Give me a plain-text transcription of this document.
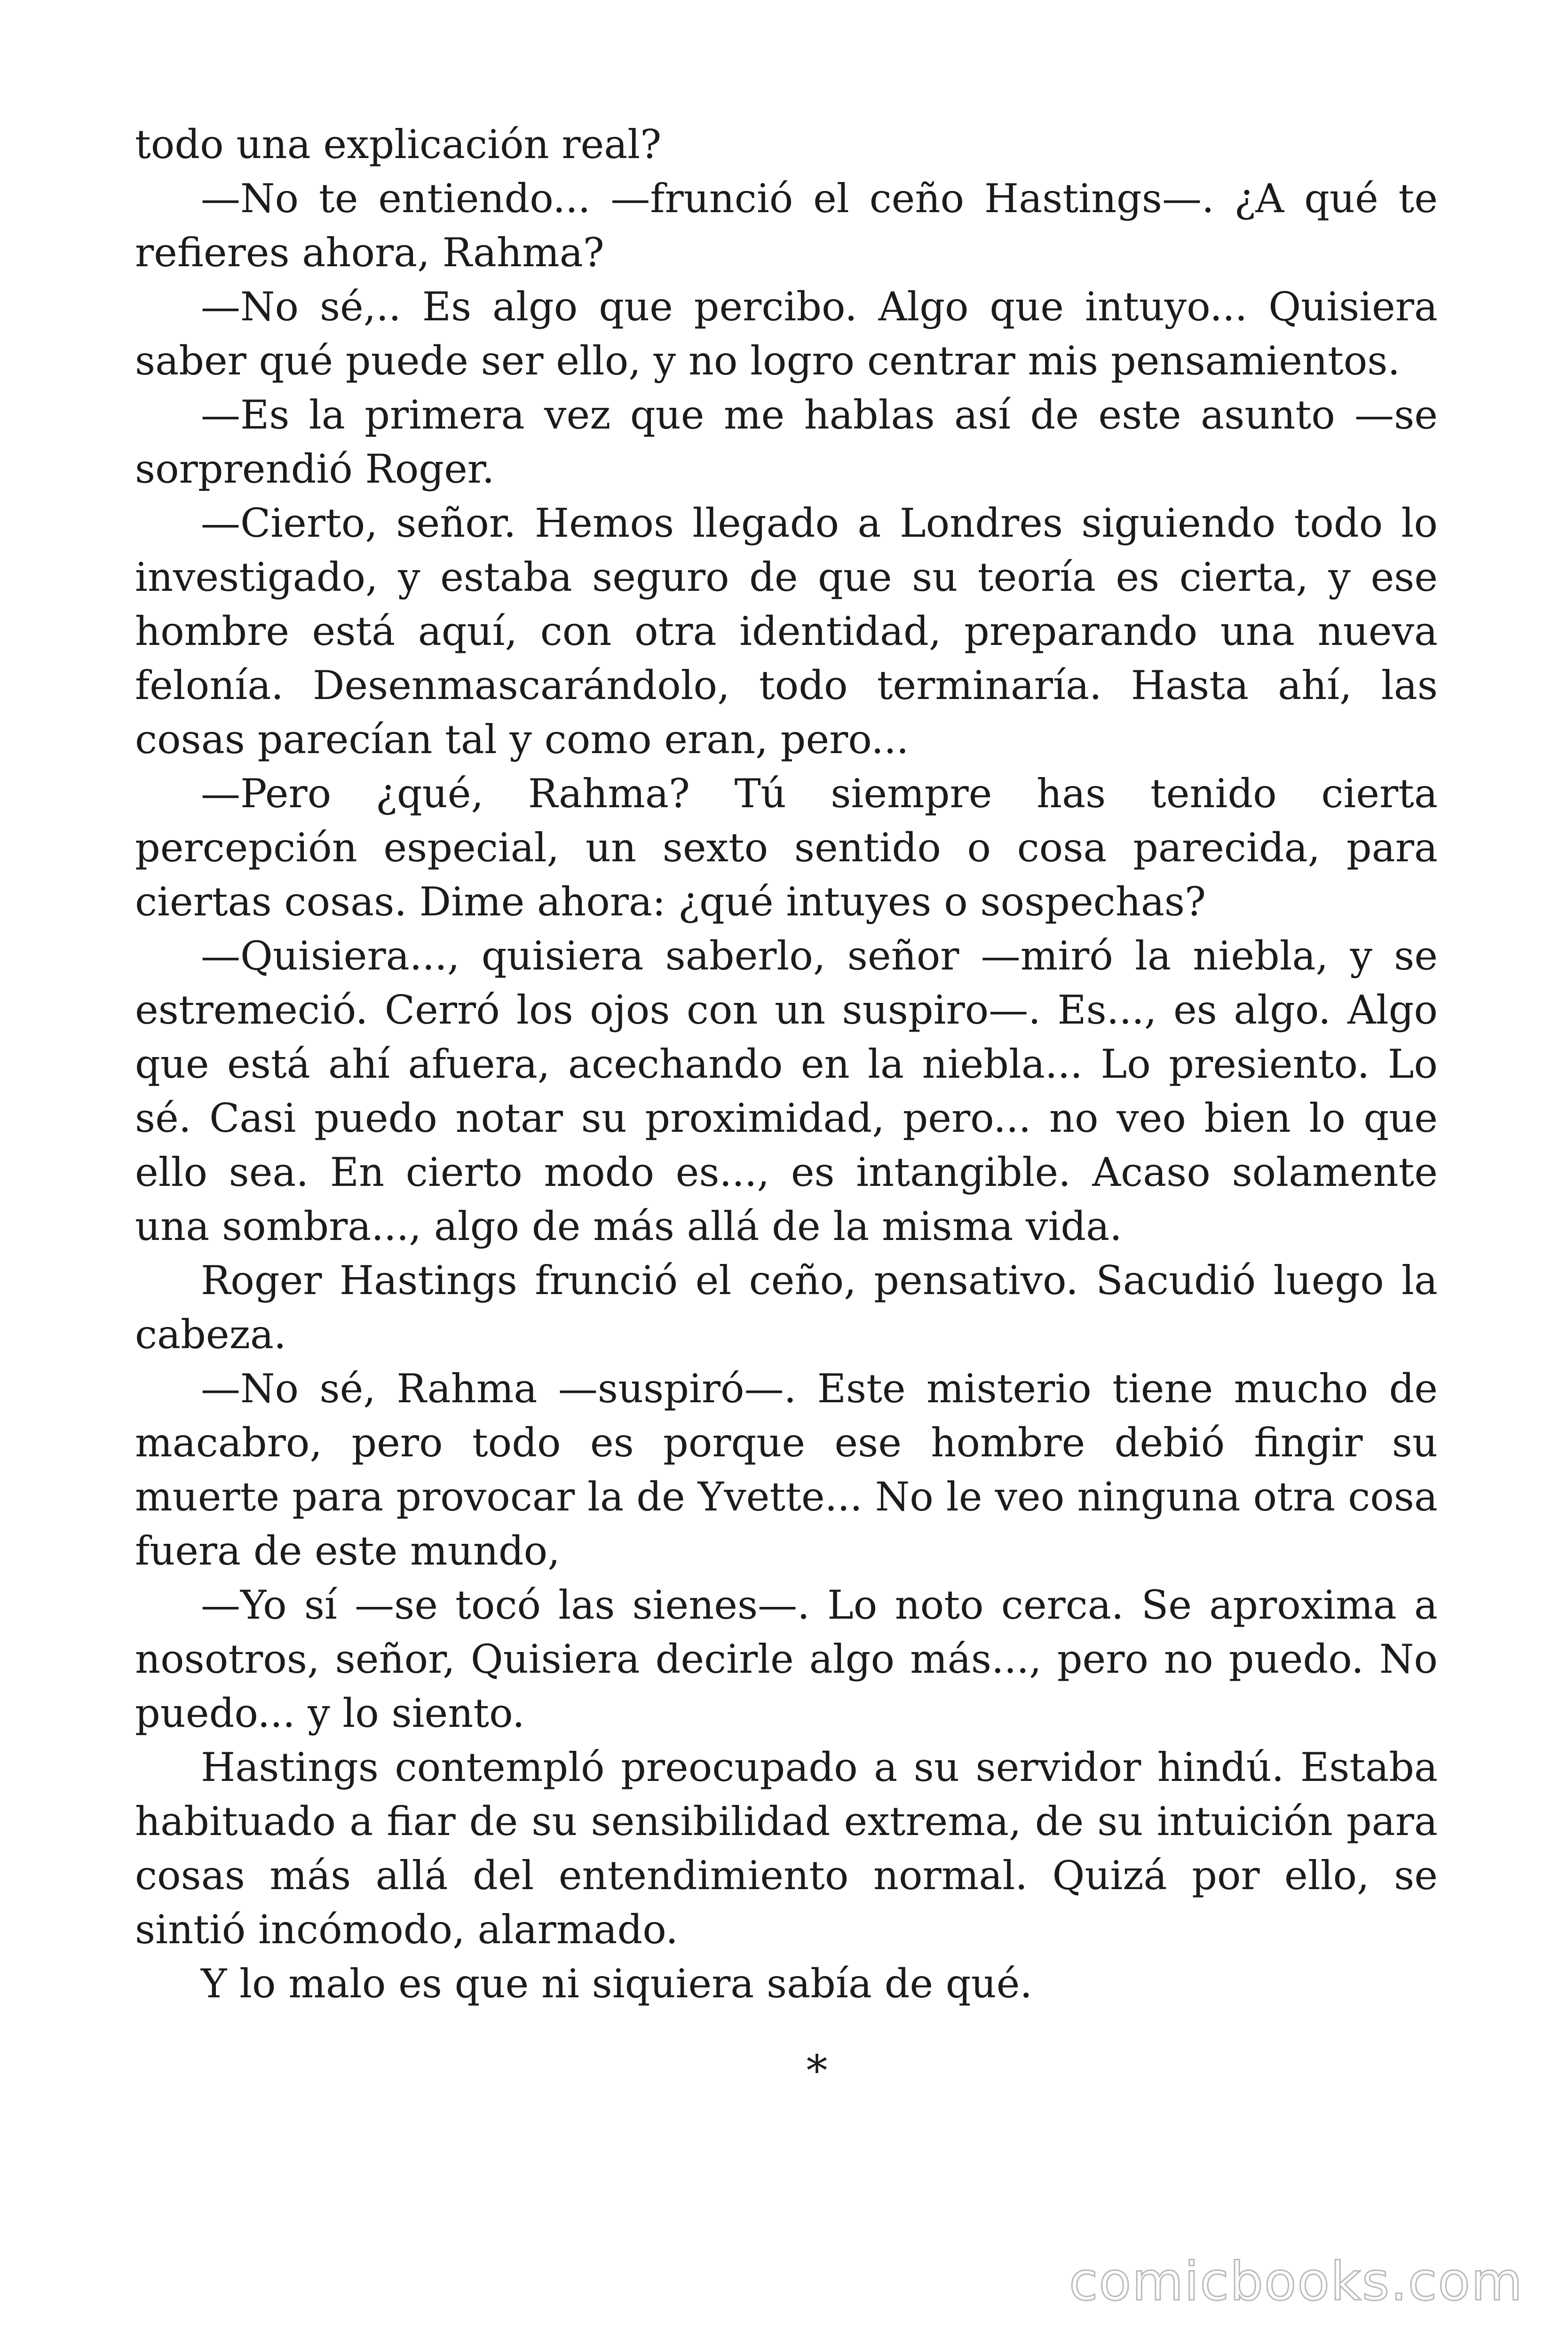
todo una explicación real?

—No te entiendo... —frunció el ceño Hastings—. ¿A qué te refieres ahora, Rahma?

—No sé,.. Es algo que percibo. Algo que intuyo... Quisiera saber qué puede ser ello, y no logro centrar mis pensamientos.

—Es la primera vez que me hablas así de este asunto —se sorprendió Roger.

—Cierto, señor. Hemos llegado a Londres siguiendo todo lo investigado, y estaba seguro de que su teoría es cierta, y ese hombre está aquí, con otra identidad, preparando una nueva felonía. Desenmascarándolo, todo terminaría. Hasta ahí, las cosas parecían tal y como eran, pero...

—Pero ¿qué, Rahma? Tú siempre has tenido cierta percepción especial, un sexto sentido o cosa parecida, para ciertas cosas. Dime ahora: ¿qué intuyes o sospechas?

—Quisiera..., quisiera saberlo, señor —miró la niebla, y se estremeció. Cerró los ojos con un suspiro—. Es..., es algo. Algo que está ahí afuera, acechando en la niebla... Lo presiento. Lo sé. Casi puedo notar su proximidad, pero... no veo bien lo que ello sea. En cierto modo es..., es intangible. Acaso solamente una sombra..., algo de más allá de la misma vida.

Roger Hastings frunció el ceño, pensativo. Sacudió luego la cabeza.

—No sé, Rahma —suspiró—. Este misterio tiene mucho de macabro, pero todo es porque ese hombre debió fingir su muerte para provocar la de Yvette... No le veo ninguna otra cosa fuera de este mundo,

—Yo sí —se tocó las sienes—. Lo noto cerca. Se aproxima a nosotros, señor, Quisiera decirle algo más..., pero no puedo. No puedo... y lo siento.

Hastings contempló preocupado a su servidor hindú. Estaba habituado a fiar de su sensibilidad extrema, de su intuición para cosas más allá del entendimiento normal. Quizá por ello, se sintió incómodo, alarmado.

Y lo malo es que ni siquiera sabía de qué.

*
comicbooks.com
